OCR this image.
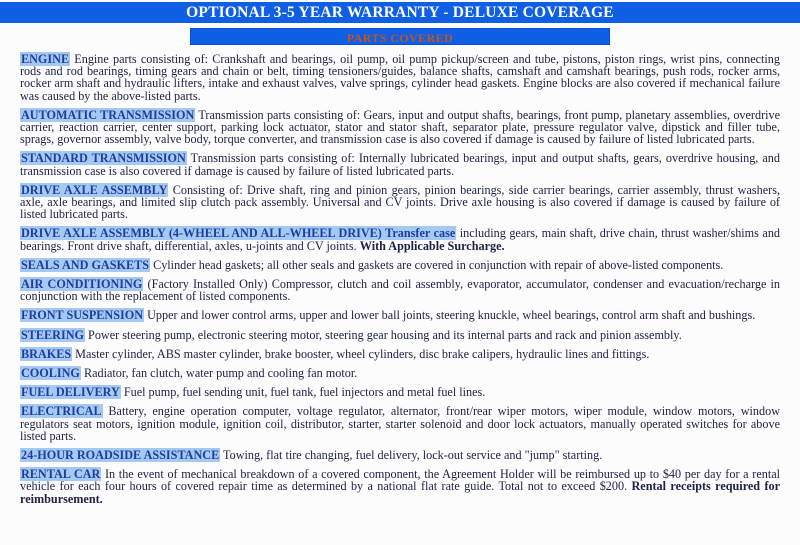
OPTIONAL 3-5 YEAR WARRANTY - DELUXE COVERAGE
PARTS COVERED

ENGINE Engine parts consisting of: Crankshaft and bearings, oil pump, oil pump pickup/screen and tube, pistons, piston rings, wrist pins, connecting rods and rod bearings, timing gears and chain or belt, timing tensioners/guides, balance shafts, camshaft and camshaft bearings, push rods, rocker arms, rocker arm shaft and hydraulic lifters, intake and exhaust valves, valve springs, cylinder head gaskets. Engine blocks are also covered if mechanical failure was caused by the above-listed parts.

AUTOMATIC TRANSMISSION Transmission parts consisting of: Gears, input and output shafts, bearings, front pump, planetary assemblies, overdrive carrier, reaction carrier, center support, parking lock actuator, stator and stator shaft, separator plate, pressure regulator valve, dipstick and filler tube, sprags, governor assembly, valve body, torque converter, and transmission case is also covered if damage is caused by failure of listed lubricated parts.

STANDARD TRANSMISSION Transmission parts consisting of: Internally lubricated bearings, input and output shafts, gears, overdrive housing, and transmission case is also covered if damage is caused by failure of listed lubricated parts.

DRIVE AXLE ASSEMBLY Consisting of: Drive shaft, ring and pinion gears, pinion bearings, side carrier bearings, carrier assembly, thrust washers, axle, axle bearings, and limited slip clutch pack assembly. Universal and CV joints. Drive axle housing is also covered if damage is caused by failure of listed lubricated parts.

DRIVE AXLE ASSEMBLY (4-WHEEL AND ALL-WHEEL DRIVE) Transfer case including gears, main shaft, drive chain, thrust washer/shims and bearings. Front drive shaft, differential, axles, u-joints and CV joints. With Applicable Surcharge.

SEALS AND GASKETS Cylinder head gaskets; all other seals and gaskets are covered in conjunction with repair of above-listed components.

AIR CONDITIONING (Factory Installed Only) Compressor, clutch and coil assembly, evaporator, accumulator, condenser and evacuation/recharge in conjunction with the replacement of listed components.

FRONT SUSPENSION Upper and lower control arms, upper and lower ball joints, steering knuckle, wheel bearings, control arm shaft and bushings.

STEERING Power steering pump, electronic steering motor, steering gear housing and its internal parts and rack and pinion assembly.

BRAKES Master cylinder, ABS master cylinder, brake booster, wheel cylinders, disc brake calipers, hydraulic lines and fittings.

COOLING Radiator, fan clutch, water pump and cooling fan motor.

FUEL DELIVERY Fuel pump, fuel sending unit, fuel tank, fuel injectors and metal fuel lines.

ELECTRICAL Battery, engine operation computer, voltage regulator, alternator, front/rear wiper motors, wiper module, window motors, window regulators seat motors, ignition module, ignition coil, distributor, starter, starter solenoid and door lock actuators, manually operated switches for above listed parts.

24-HOUR ROADSIDE ASSISTANCE Towing, flat tire changing, fuel delivery, lock-out service and "jump" starting.

RENTAL CAR In the event of mechanical breakdown of a covered component, the Agreement Holder will be reimbursed up to $40 per day for a rental vehicle for each four hours of covered repair time as determined by a national flat rate guide. Total not to exceed $200. Rental receipts required for reimbursement.
